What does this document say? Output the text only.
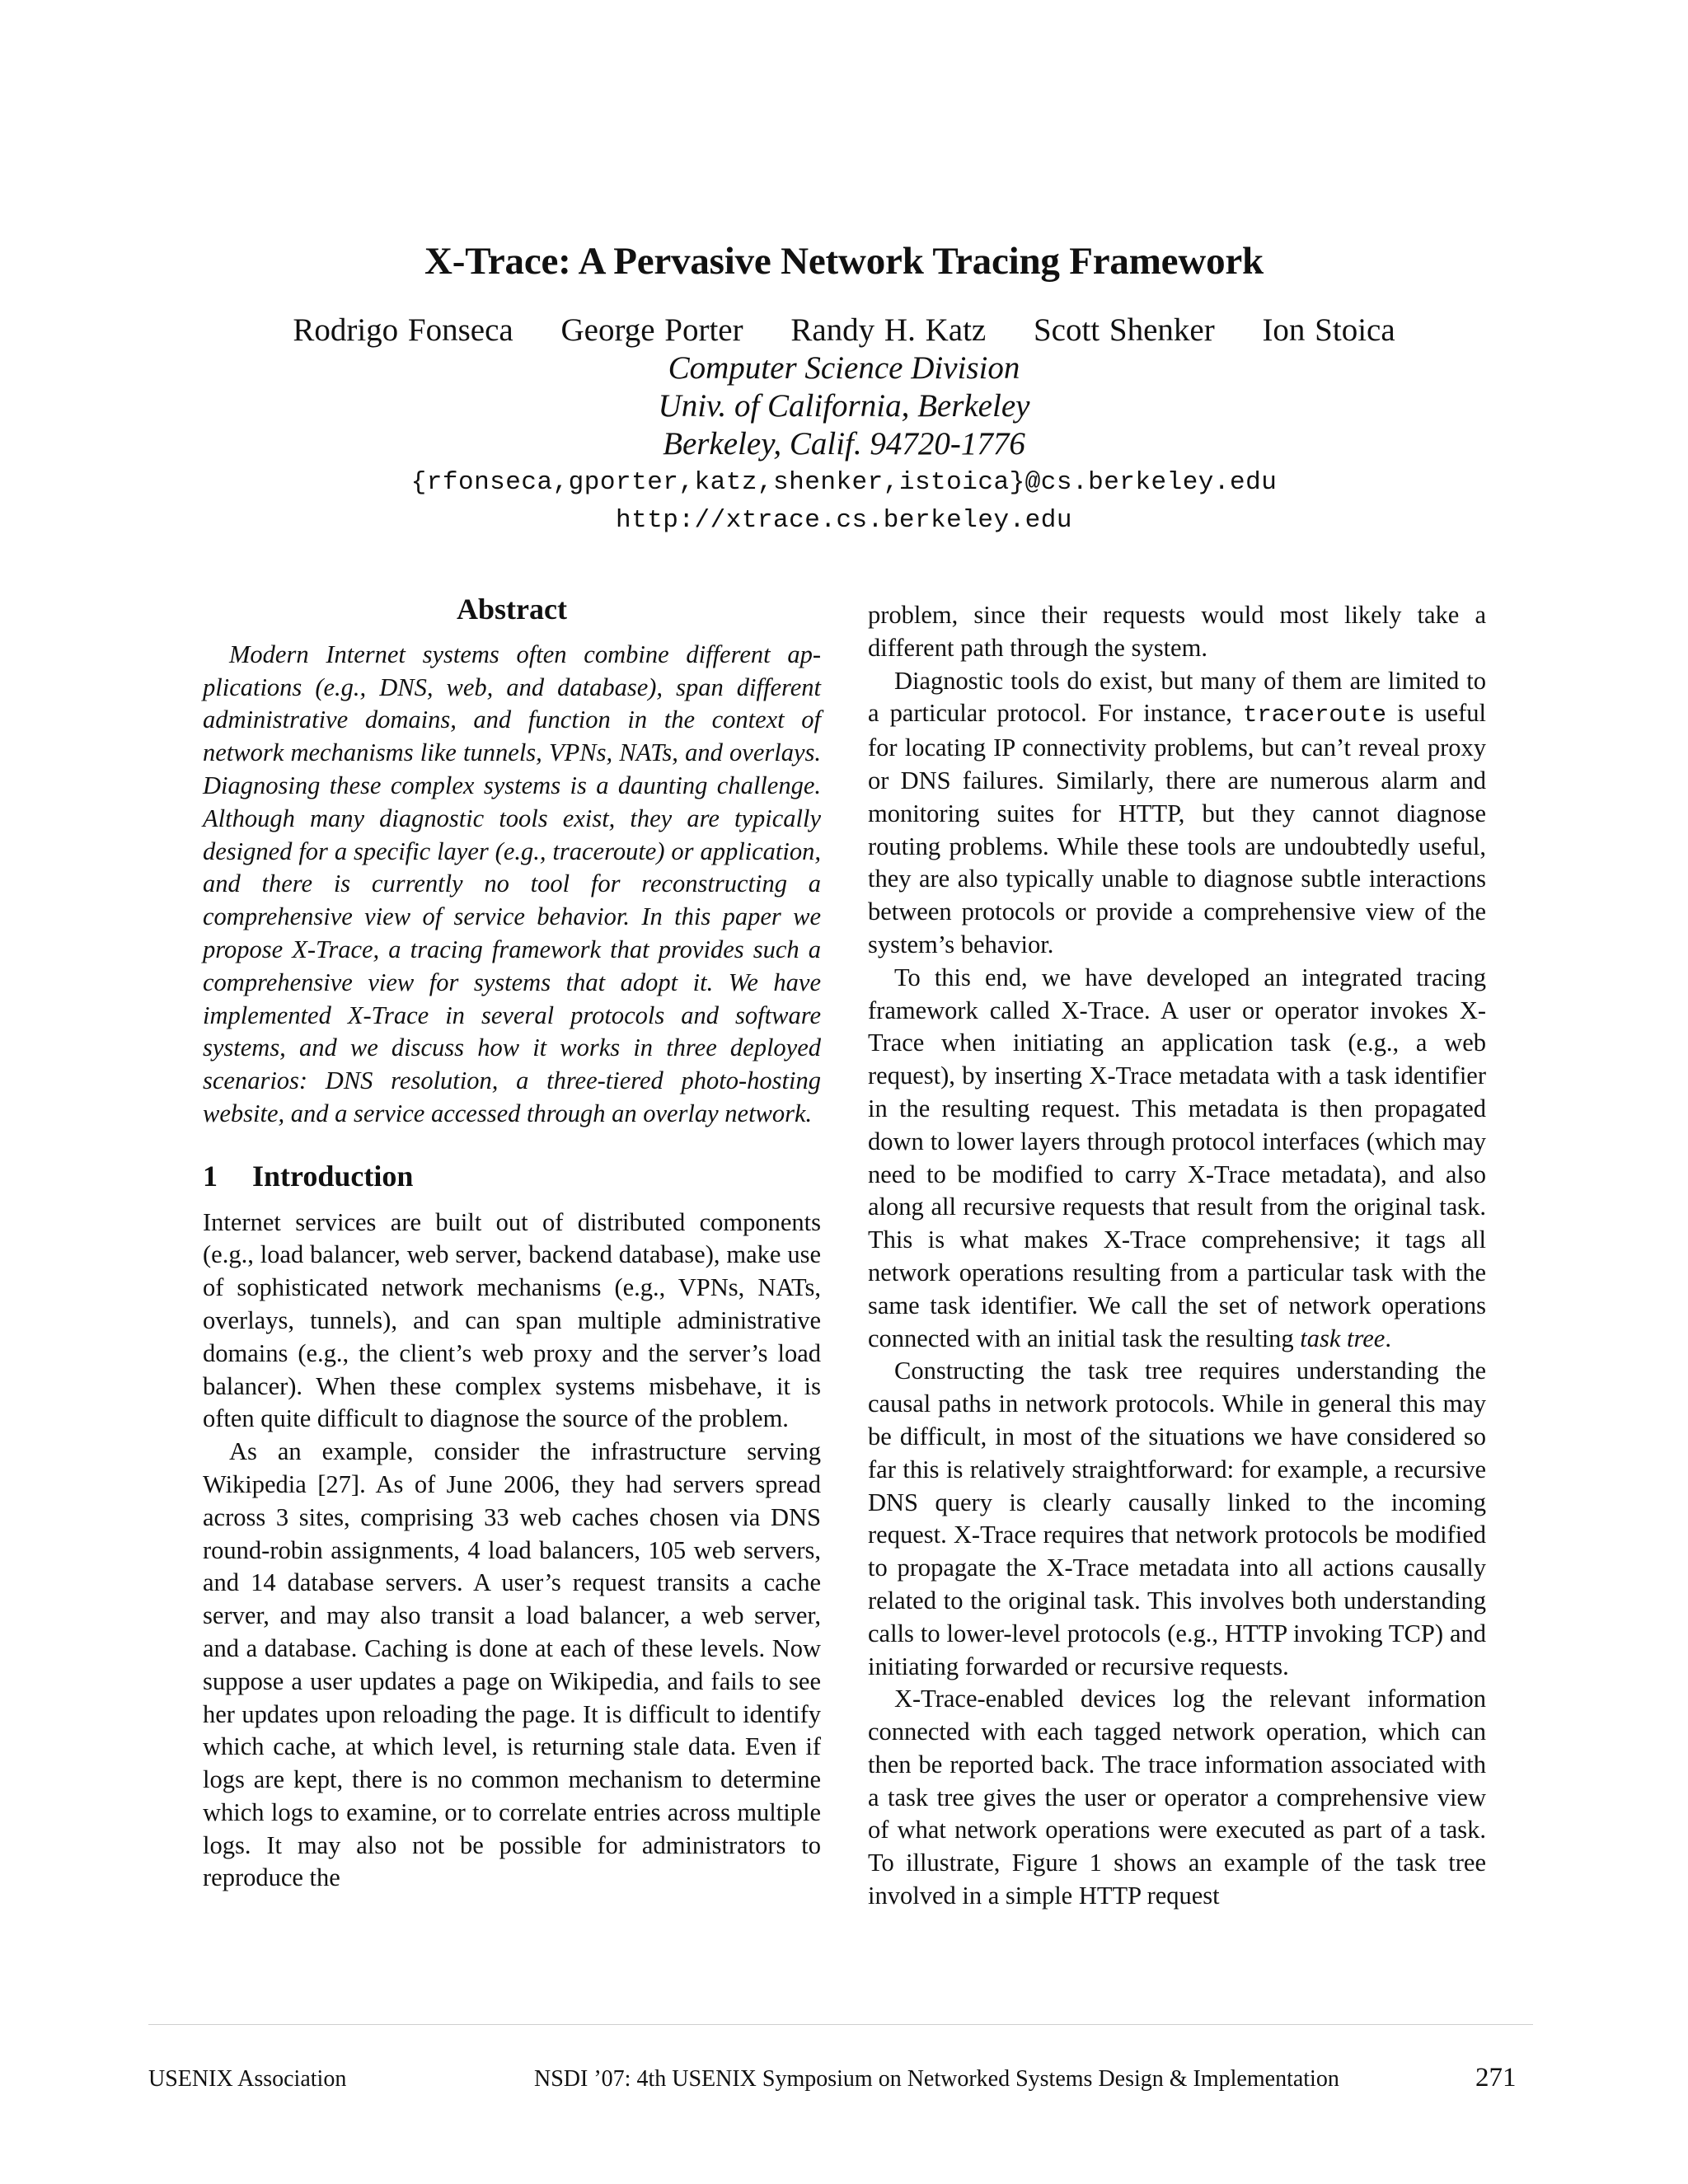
X-Trace: A Pervasive Network Tracing Framework
Rodrigo Fonseca George Porter Randy H. Katz Scott Shenker Ion Stoica
Computer Science Division
Univ. of California, Berkeley
Berkeley, Calif. 94720-1776
{rfonseca,gporter,katz,shenker,istoica}@cs.berkeley.edu
http://xtrace.cs.berkeley.edu
Abstract

Modern Internet systems often combine different applications (e.g., DNS, web, and database), span different administrative domains, and function in the context of network mechanisms like tunnels, VPNs, NATs, and overlays. Diagnosing these complex systems is a daunting challenge. Although many diagnostic tools exist, they are typically designed for a specific layer (e.g., traceroute) or application, and there is currently no tool for reconstructing a comprehensive view of service behavior. In this paper we propose X-Trace, a tracing framework that provides such a comprehensive view for systems that adopt it. We have implemented X-Trace in several protocols and software systems, and we discuss how it works in three deployed scenarios: DNS resolution, a three-tiered photo-hosting website, and a service accessed through an overlay network.

1 Introduction

Internet services are built out of distributed components (e.g., load balancer, web server, backend database), make use of sophisticated network mechanisms (e.g., VPNs, NATs, overlays, tunnels), and can span multiple administrative domains (e.g., the client’s web proxy and the server’s load balancer). When these complex systems misbehave, it is often quite difficult to diagnose the source of the problem.

As an example, consider the infrastructure serving Wikipedia [27]. As of June 2006, they had servers spread across 3 sites, comprising 33 web caches chosen via DNS round-robin assignments, 4 load balancers, 105 web servers, and 14 database servers. A user’s request transits a cache server, and may also transit a load balancer, a web server, and a database. Caching is done at each of these levels. Now suppose a user updates a page on Wikipedia, and fails to see her updates upon reloading the page. It is difficult to identify which cache, at which level, is returning stale data. Even if logs are kept, there is no common mechanism to determine which logs to examine, or to correlate entries across multiple logs. It may also not be possible for administrators to reproduce the

problem, since their requests would most likely take a different path through the system.

Diagnostic tools do exist, but many of them are limited to a particular protocol. For instance, traceroute is useful for locating IP connectivity problems, but can’t reveal proxy or DNS failures. Similarly, there are numerous alarm and monitoring suites for HTTP, but they cannot diagnose routing problems. While these tools are undoubtedly useful, they are also typically unable to diagnose subtle interactions between protocols or provide a comprehensive view of the system’s behavior.

To this end, we have developed an integrated tracing framework called X-Trace. A user or operator invokes X-Trace when initiating an application task (e.g., a web request), by inserting X-Trace metadata with a task identifier in the resulting request. This metadata is then propagated down to lower layers through protocol interfaces (which may need to be modified to carry X-Trace metadata), and also along all recursive requests that result from the original task. This is what makes X-Trace comprehensive; it tags all network operations resulting from a particular task with the same task identifier. We call the set of network operations connected with an initial task the resulting task tree.

Constructing the task tree requires understanding the causal paths in network protocols. While in general this may be difficult, in most of the situations we have considered so far this is relatively straightforward: for example, a recursive DNS query is clearly causally linked to the incoming request. X-Trace requires that network protocols be modified to propagate the X-Trace metadata into all actions causally related to the original task. This involves both understanding calls to lower-level protocols (e.g., HTTP invoking TCP) and initiating forwarded or recursive requests.

X-Trace-enabled devices log the relevant information connected with each tagged network operation, which can then be reported back. The trace information associated with a task tree gives the user or operator a comprehensive view of what network operations were executed as part of a task. To illustrate, Figure 1 shows an example of the task tree involved in a simple HTTP request

USENIX Association	NSDI ’07: 4th USENIX Symposium on Networked Systems Design & Implementation	271
